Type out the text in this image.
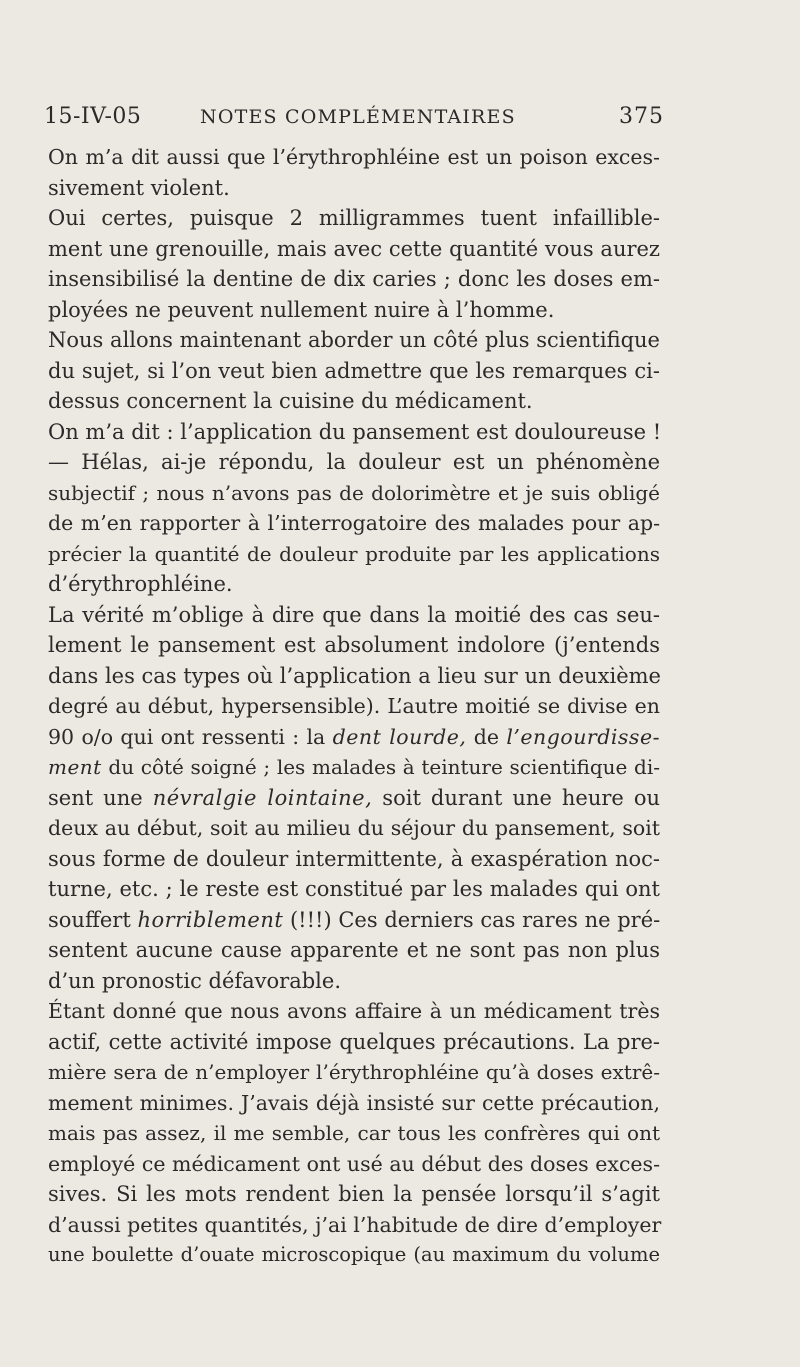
15-IV-05	NOTES COMPLÉMENTAIRES	375
On m’a dit aussi que l’érythrophléine est un poison exces-
sivement violent.
Oui certes, puisque 2 milligrammes tuent infaillible-
ment une grenouille, mais avec cette quantité vous aurez
insensibilisé la dentine de dix caries ; donc les doses em-
ployées ne peuvent nullement nuire à l’homme.
Nous allons maintenant aborder un côté plus scientifique
du sujet, si l’on veut bien admettre que les remarques ci-
dessus concernent la cuisine du médicament.
On m’a dit : l’application du pansement est douloureuse !
— Hélas, ai-je répondu, la douleur est un phénomène
subjectif ; nous n’avons pas de dolorimètre et je suis obligé
de m’en rapporter à l’interrogatoire des malades pour ap-
précier la quantité de douleur produite par les applications
d’érythrophléine.
La vérité m’oblige à dire que dans la moitié des cas seu-
lement le pansement est absolument indolore (j’entends
dans les cas types où l’application a lieu sur un deuxième
degré au début, hypersensible). L’autre moitié se divise en
90 o/o qui ont ressenti : la dent lourde, de l’engourdisse-
ment du côté soigné ; les malades à teinture scientifique di-
sent une névralgie lointaine, soit durant une heure ou
deux au début, soit au milieu du séjour du pansement, soit
sous forme de douleur intermittente, à exaspération noc-
turne, etc. ; le reste est constitué par les malades qui ont
souffert horriblement (!!!) Ces derniers cas rares ne pré-
sentent aucune cause apparente et ne sont pas non plus
d’un pronostic défavorable.
Étant donné que nous avons affaire à un médicament très
actif, cette activité impose quelques précautions. La pre-
mière sera de n’employer l’érythrophléine qu’à doses extrê-
mement minimes. J’avais déjà insisté sur cette précaution,
mais pas assez, il me semble, car tous les confrères qui ont
employé ce médicament ont usé au début des doses exces-
sives. Si les mots rendent bien la pensée lorsqu’il s’agit
d’aussi petites quantités, j’ai l’habitude de dire d’employer
une boulette d’ouate microscopique (au maximum du volume
